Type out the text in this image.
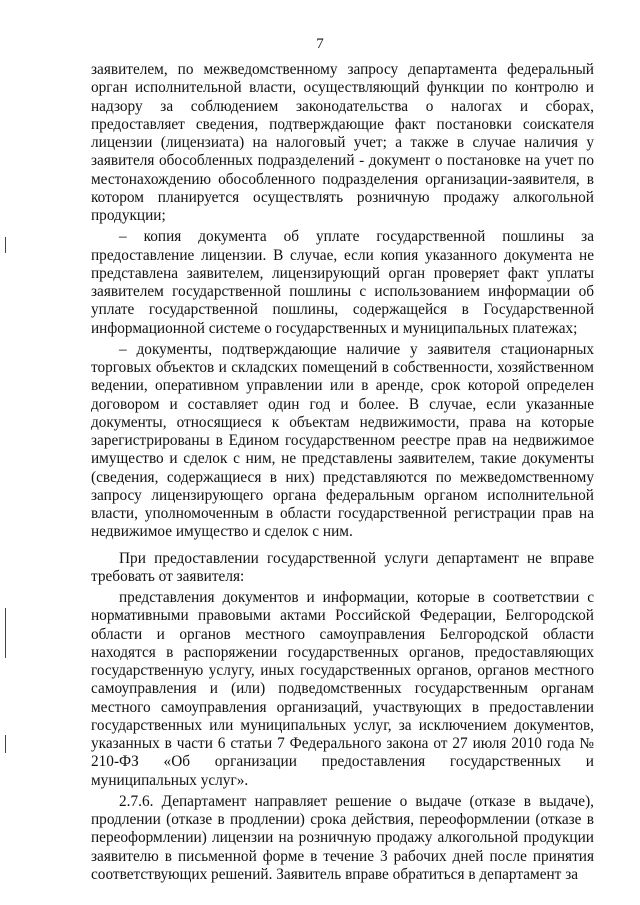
7

заявителем, по межведомственному запросу департамента федеральный орган исполнительной власти, осуществляющий функции по контролю и надзору за соблюдением законодательства о налогах и сборах, предоставляет сведения, подтверждающие факт постановки соискателя лицензии (лицензиата) на налоговый учет; а также в случае наличия у заявителя обособленных подразделений - документ о постановке на учет по местонахождению обособленного подразделения организации-заявителя, в котором планируется осуществлять розничную продажу алкогольной продукции;

– копия документа об уплате государственной пошлины за предоставление лицензии. В случае, если копия указанного документа не представлена заявителем, лицензирующий орган проверяет факт уплаты заявителем государственной пошлины с использованием информации об уплате государственной пошлины, содержащейся в Государственной информационной системе о государственных и муниципальных платежах;

– документы, подтверждающие наличие у заявителя стационарных торговых объектов и складских помещений в собственности, хозяйственном ведении, оперативном управлении или в аренде, срок которой определен договором и составляет один год и более. В случае, если указанные документы, относящиеся к объектам недвижимости, права на которые зарегистрированы в Едином государственном реестре прав на недвижимое имущество и сделок с ним, не представлены заявителем, такие документы (сведения, содержащиеся в них) представляются по межведомственному запросу лицензирующего органа федеральным органом исполнительной власти, уполномоченным в области государственной регистрации прав на недвижимое имущество и сделок с ним.

При предоставлении государственной услуги департамент не вправе требовать от заявителя:

представления документов и информации, которые в соответствии с нормативными правовыми актами Российской Федерации, Белгородской области и органов местного самоуправления Белгородской области находятся в распоряжении государственных органов, предоставляющих государственную услугу, иных государственных органов, органов местного самоуправления и (или) подведомственных государственным органам местного самоуправления организаций, участвующих в предоставлении государственных или муниципальных услуг, за исключением документов, указанных в части 6 статьи 7 Федерального закона от 27 июля 2010 года № 210-ФЗ «Об организации предоставления государственных и муниципальных услуг».

2.7.6. Департамент направляет решение о выдаче (отказе в выдаче), продлении (отказе в продлении) срока действия, переоформлении (отказе в переоформлении) лицензии на розничную продажу алкогольной продукции заявителю в письменной форме в течение 3 рабочих дней после принятия соответствующих решений. Заявитель вправе обратиться в департамент за
